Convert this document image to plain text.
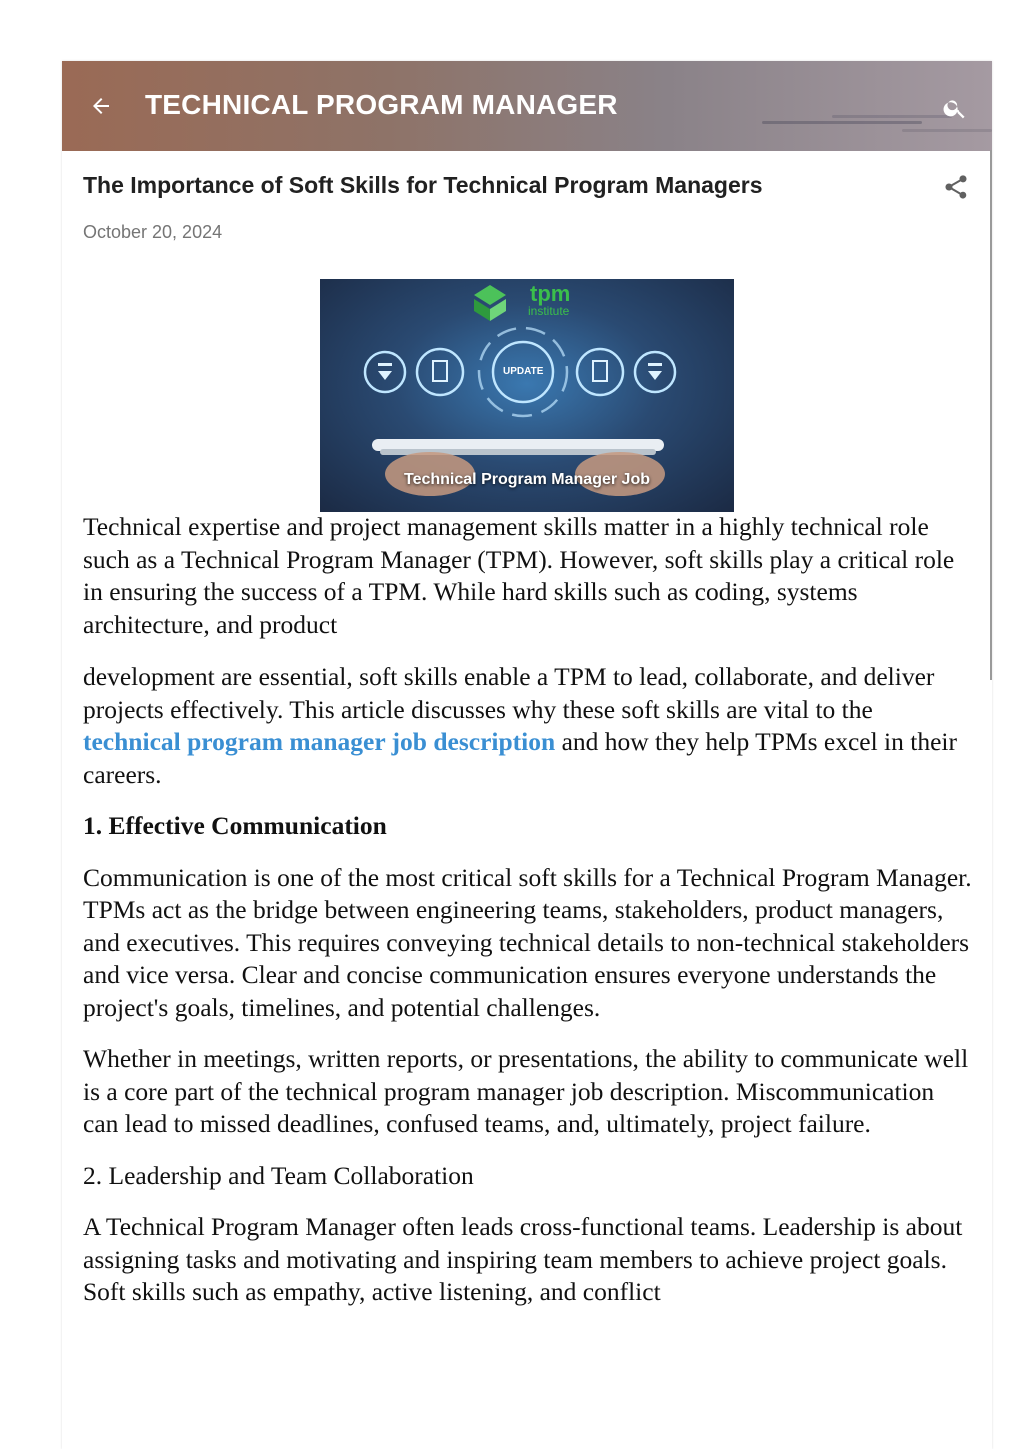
TECHNICAL PROGRAM MANAGER
The Importance of Soft Skills for Technical Program Managers
October 20, 2024
tpm
institute
UPDATE
Technical Program Manager Job

Technical expertise and project management skills matter in a highly technical role such as a Technical Program Manager (TPM). However, soft skills play a critical role in ensuring the success of a TPM. While hard skills such as coding, systems architecture, and product

development are essential, soft skills enable a TPM to lead, collaborate, and deliver projects effectively. This article discusses why these soft skills are vital to the technical program manager job description and how they help TPMs excel in their careers.

1. Effective Communication

Communication is one of the most critical soft skills for a Technical Program Manager. TPMs act as the bridge between engineering teams, stakeholders, product managers, and executives. This requires conveying technical details to non-technical stakeholders and vice versa. Clear and concise communication ensures everyone understands the project's goals, timelines, and potential challenges.

Whether in meetings, written reports, or presentations, the ability to communicate well is a core part of the technical program manager job description. Miscommunication can lead to missed deadlines, confused teams, and, ultimately, project failure.

2. Leadership and Team Collaboration

A Technical Program Manager often leads cross-functional teams. Leadership is about assigning tasks and motivating and inspiring team members to achieve project goals. Soft skills such as empathy, active listening, and conflict
